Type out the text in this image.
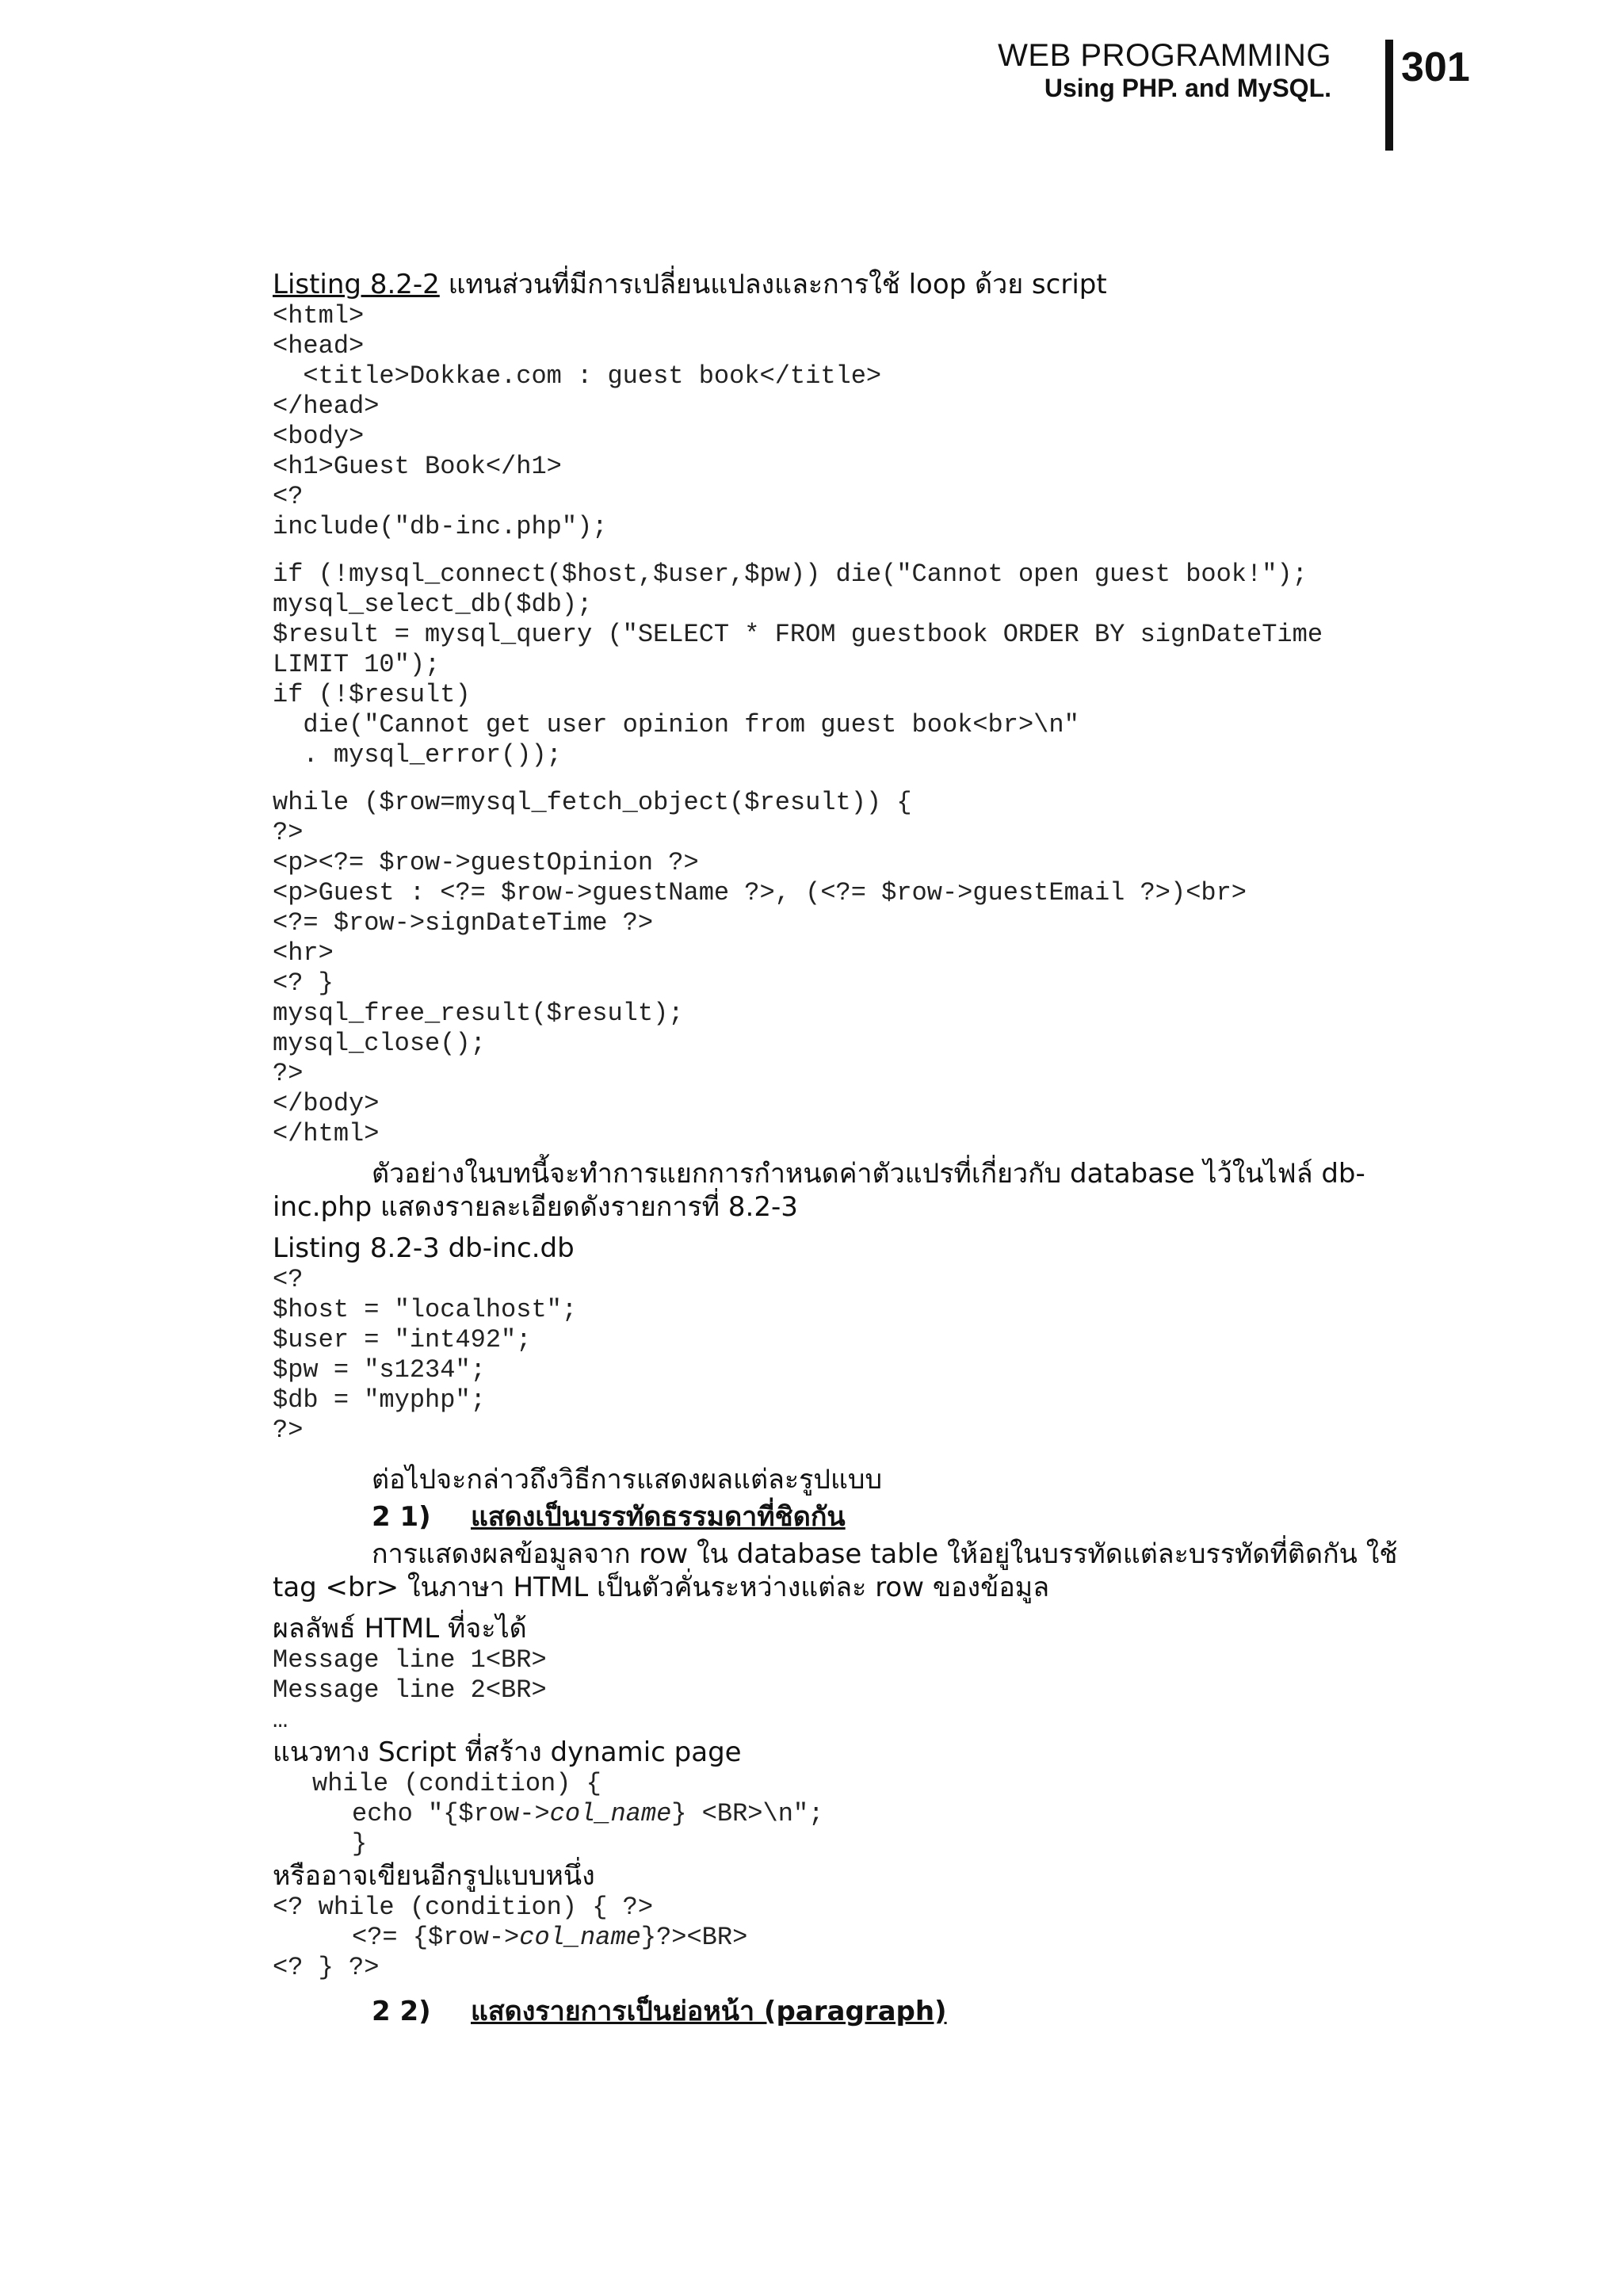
WEB PROGRAMMING
Using PHP. and MySQL. 301
Listing 8.2-2 แทนส่วนที่มีการเปลี่ยนแปลงและการใช้ loop ด้วย script
<html>
<head>
<title>Dokkae.com : guest book</title>
</head>
<body>
<h1>Guest Book</h1>
<?
include("db-inc.php");
if (!mysql_connect($host,$user,$pw)) die("Cannot open guest book!");
mysql_select_db($db);
$result = mysql_query ("SELECT * FROM guestbook ORDER BY signDateTime
LIMIT 10");
if (!$result)
die("Cannot get user opinion from guest book<br>\n"
. mysql_error());
while ($row=mysql_fetch_object($result)) {
?>
<p><?= $row->guestOpinion ?>
<p>Guest : <?= $row->guestName ?>, (<?= $row->guestEmail ?>)<br>
<?= $row->signDateTime ?>
<hr>
<? }
mysql_free_result($result);
mysql_close();
?>
</body>
</html>
ตัวอย่างในบทนี้จะทำการแยกการกำหนดค่าตัวแปรที่เกี่ยวกับ database ไว้ในไฟล์ db-inc.php แสดงรายละเอียดดังรายการที่ 8.2-3
Listing 8.2-3 db-inc.db
<?
$host = "localhost";
$user = "int492";
$pw = "s1234";
$db = "myphp";
?>
ต่อไปจะกล่าวถึงวิธีการแสดงผลแต่ละรูปแบบ
2 1) แสดงเป็นบรรทัดธรรมดาที่ชิดกัน
การแสดงผลข้อมูลจาก row ใน database table ให้อยู่ในบรรทัดแต่ละบรรทัดที่ติดกัน ใช้ tag <br> ในภาษา HTML เป็นตัวคั่นระหว่างแต่ละ row ของข้อมูล
ผลลัพธ์ HTML ที่จะได้
Message line 1<BR>
Message line 2<BR>
…
แนวทาง Script ที่สร้าง dynamic page
while (condition) {
echo "{$row->col_name} <BR>\n";
}
หรืออาจเขียนอีกรูปแบบหนึ่ง
<? while (condition) { ?>
<?= {$row->col_name}?><BR>
<? } ?>
2 2) แสดงรายการเป็นย่อหน้า (paragraph)
